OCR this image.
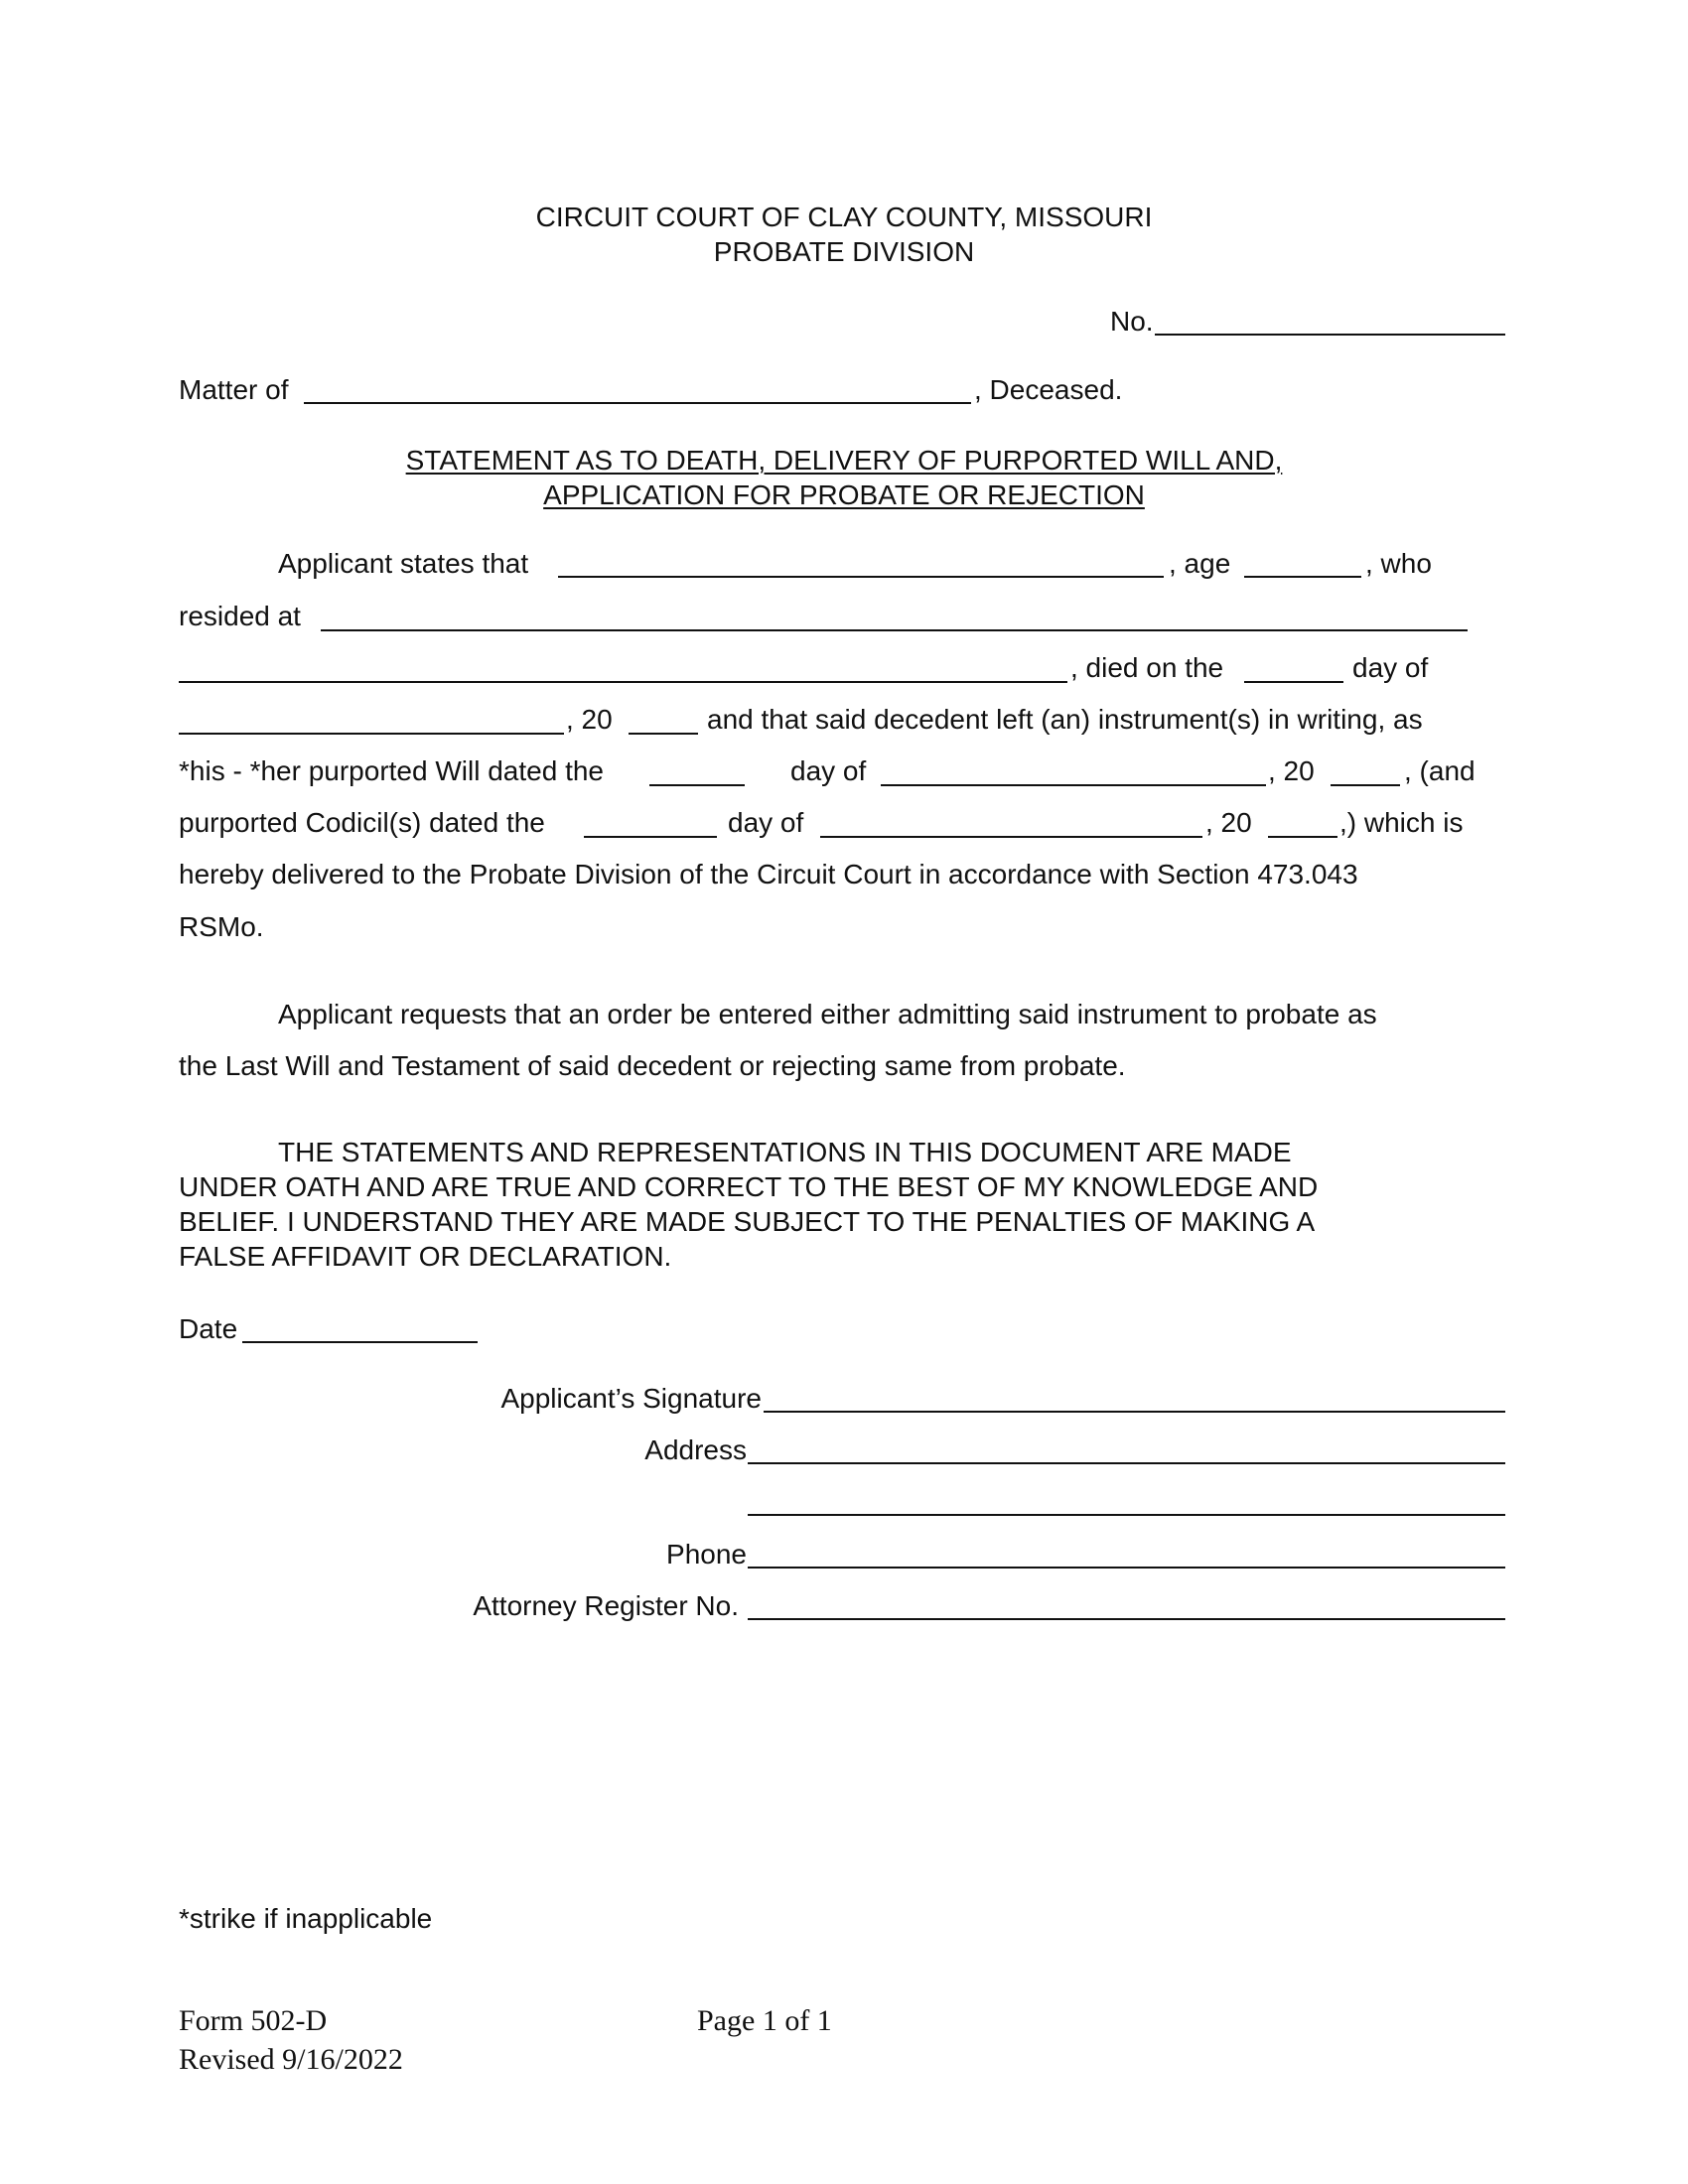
CIRCUIT COURT OF CLAY COUNTY, MISSOURI
PROBATE DIVISION
No.
Matter of	, Deceased.
STATEMENT AS TO DEATH, DELIVERY OF PURPORTED WILL AND,
APPLICATION FOR PROBATE OR REJECTION
Applicant states that	, age	, who
resided at
, died on the	day of
, 20	and that said decedent left (an) instrument(s) in writing, as
*his - *her purported Will dated the	day of	, 20	, (and
purported Codicil(s) dated the	day of	, 20	,) which is
hereby delivered to the Probate Division of the Circuit Court in accordance with Section 473.043
RSMo.
Applicant requests that an order be entered either admitting said instrument to probate as
the Last Will and Testament of said decedent or rejecting same from probate.
THE STATEMENTS AND REPRESENTATIONS IN THIS DOCUMENT ARE MADE
UNDER OATH AND ARE TRUE AND CORRECT TO THE BEST OF MY KNOWLEDGE AND
BELIEF. I UNDERSTAND THEY ARE MADE SUBJECT TO THE PENALTIES OF MAKING A
FALSE AFFIDAVIT OR DECLARATION.
Date
Applicant’s Signature
Address
Phone
Attorney Register No.
*strike if inapplicable
Form 502-D
Revised 9/16/2022
Page 1 of 1
